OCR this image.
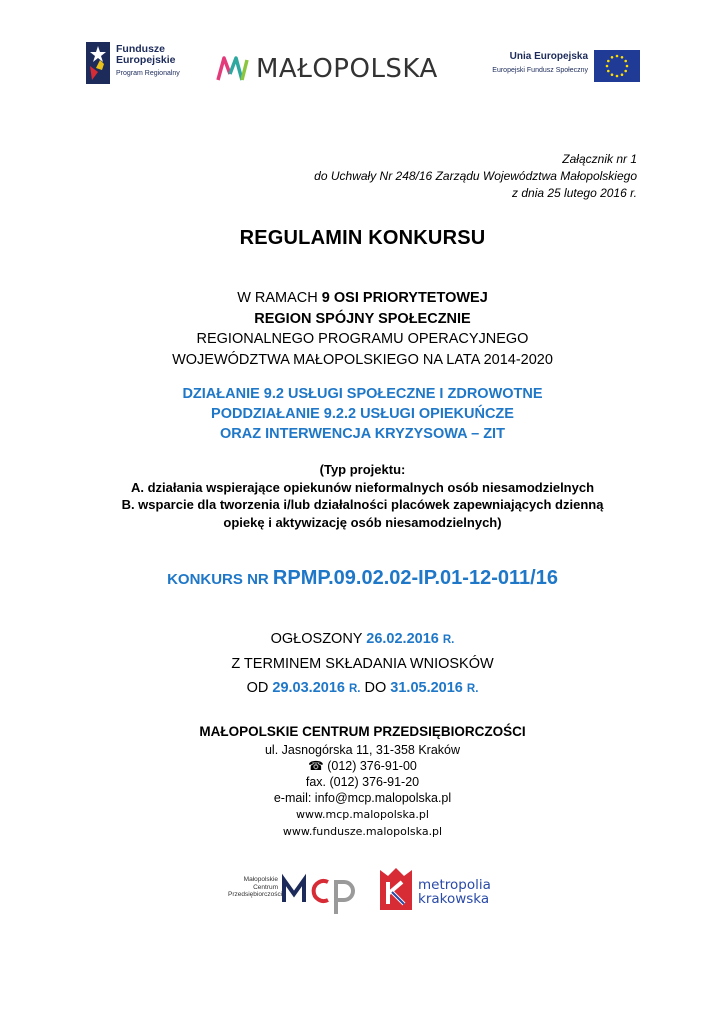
Fundusze
Europejskie
Program Regionalny	MAŁOPOLSKA	Unia Europejska
Europejski Fundusz Społeczny
Załącznik nr 1
do Uchwały Nr 248/16 Zarządu Województwa Małopolskiego
z dnia 25 lutego 2016 r.
REGULAMIN KONKURSU
W RAMACH 9 OSI PRIORYTETOWEJ
REGION SPÓJNY SPOŁECZNIE
REGIONALNEGO PROGRAMU OPERACYJNEGO
WOJEWÓDZTWA MAŁOPOLSKIEGO NA LATA 2014-2020
DZIAŁANIE 9.2 USŁUGI SPOŁECZNE I ZDROWOTNE
PODDZIAŁANIE 9.2.2 USŁUGI OPIEKUŃCZE
ORAZ INTERWENCJA KRYZYSOWA – ZIT
(Typ projektu:
A. działania wspierające opiekunów nieformalnych osób niesamodzielnych
B. wsparcie dla tworzenia i/lub działalności placówek zapewniających dzienną
opiekę i aktywizację osób niesamodzielnych)
KONKURS NR RPMP.09.02.02-IP.01-12-011/16
OGŁOSZONY 26.02.2016 R.
Z TERMINEM SKŁADANIA WNIOSKÓW
OD 29.03.2016 R. DO 31.05.2016 R.
MAŁOPOLSKIE CENTRUM PRZEDSIĘBIORCZOŚCI
ul. Jasnogórska 11, 31-358 Kraków
☎ (012) 376-91-00
fax. (012) 376-91-20
e-mail: info@mcp.malopolska.pl
www.mcp.malopolska.pl
www.fundusze.malopolska.pl
Małopolskie
Centrum
Przedsiębiorczości
metropolia
krakowska
